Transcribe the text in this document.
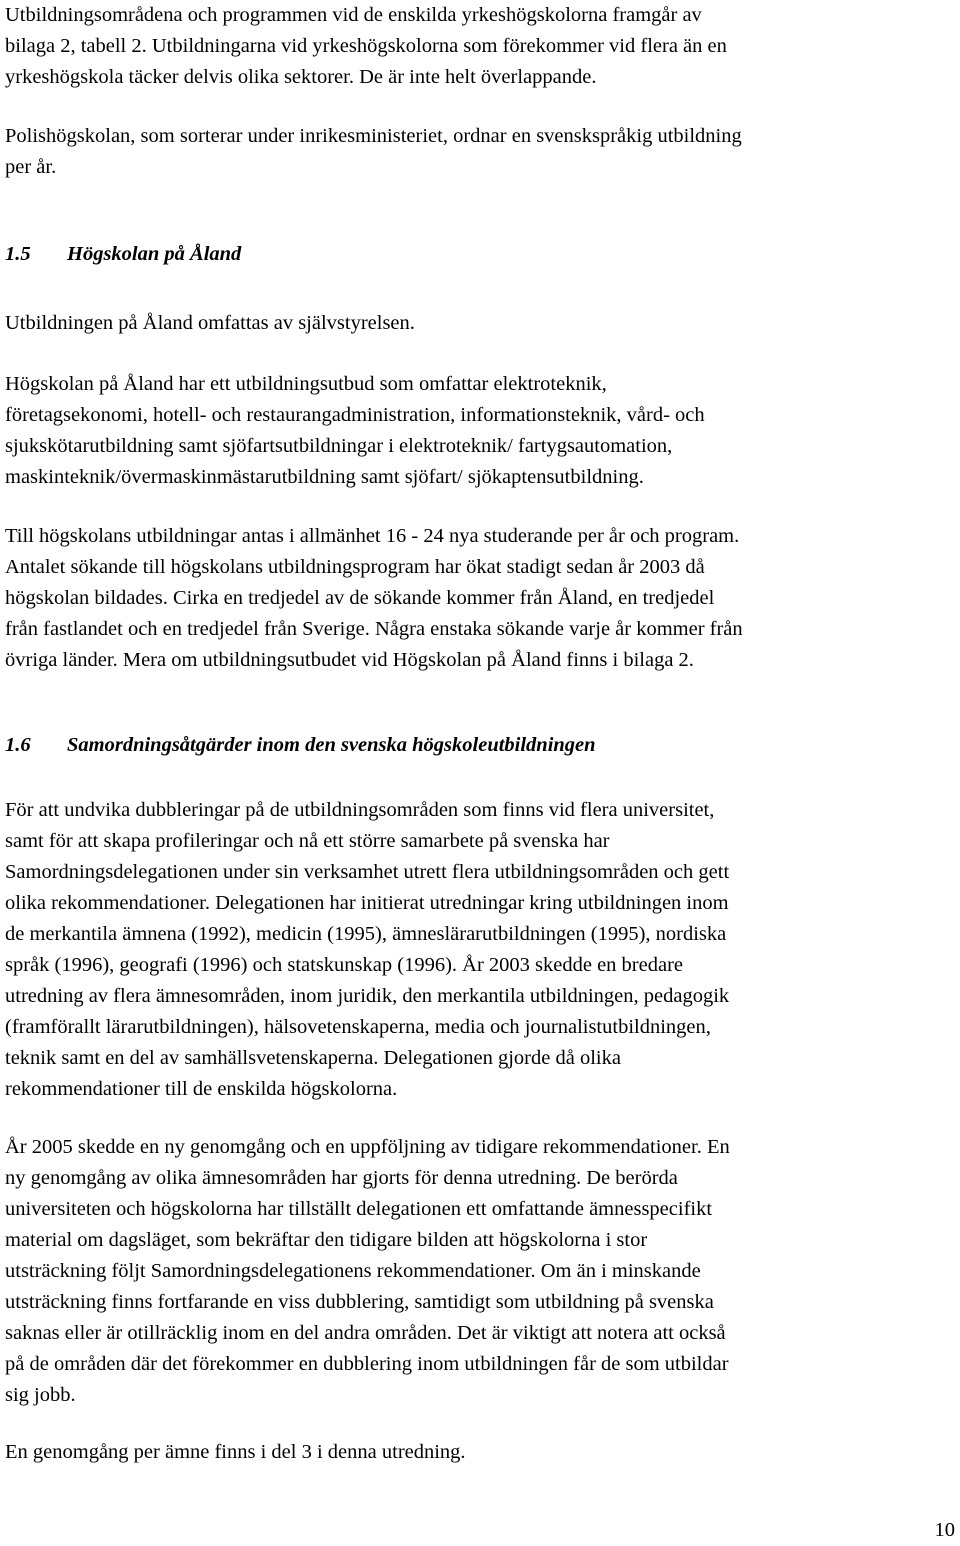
Utbildningsområdena och programmen vid de enskilda yrkeshögskolorna framgår av
bilaga 2, tabell 2. Utbildningarna vid yrkeshögskolorna som förekommer vid flera än en
yrkeshögskola täcker delvis olika sektorer. De är inte helt överlappande.
Polishögskolan, som sorterar under inrikesministeriet, ordnar en svenskspråkig utbildning
per år.
1.5 Högskolan på Åland
Utbildningen på Åland omfattas av självstyrelsen.
Högskolan på Åland har ett utbildningsutbud som omfattar elektroteknik,
företagsekonomi, hotell- och restaurangadministration, informationsteknik, vård- och
sjukskötarutbildning samt sjöfartsutbildningar i elektroteknik/ fartygsautomation,
maskinteknik/övermaskinmästarutbildning samt sjöfart/ sjökaptensutbildning.
Till högskolans utbildningar antas i allmänhet 16 - 24 nya studerande per år och program.
Antalet sökande till högskolans utbildningsprogram har ökat stadigt sedan år 2003 då
högskolan bildades. Cirka en tredjedel av de sökande kommer från Åland, en tredjedel
från fastlandet och en tredjedel från Sverige. Några enstaka sökande varje år kommer från
övriga länder. Mera om utbildningsutbudet vid Högskolan på Åland finns i bilaga 2.
1.6 Samordningsåtgärder inom den svenska högskoleutbildningen
För att undvika dubbleringar på de utbildningsområden som finns vid flera universitet,
samt för att skapa profileringar och nå ett större samarbete på svenska har
Samordningsdelegationen under sin verksamhet utrett flera utbildningsområden och gett
olika rekommendationer. Delegationen har initierat utredningar kring utbildningen inom
de merkantila ämnena (1992), medicin (1995), ämneslärarutbildningen (1995), nordiska
språk (1996), geografi (1996) och statskunskap (1996). År 2003 skedde en bredare
utredning av flera ämnesområden, inom juridik, den merkantila utbildningen, pedagogik
(framförallt lärarutbildningen), hälsovetenskaperna, media och journalistutbildningen,
teknik samt en del av samhällsvetenskaperna. Delegationen gjorde då olika
rekommendationer till de enskilda högskolorna.
År 2005 skedde en ny genomgång och en uppföljning av tidigare rekommendationer. En
ny genomgång av olika ämnesområden har gjorts för denna utredning. De berörda
universiteten och högskolorna har tillställt delegationen ett omfattande ämnesspecifikt
material om dagsläget, som bekräftar den tidigare bilden att högskolorna i stor
utsträckning följt Samordningsdelegationens rekommendationer. Om än i minskande
utsträckning finns fortfarande en viss dubblering, samtidigt som utbildning på svenska
saknas eller är otillräcklig inom en del andra områden. Det är viktigt att notera att också
på de områden där det förekommer en dubblering inom utbildningen får de som utbildar
sig jobb.
En genomgång per ämne finns i del 3 i denna utredning.
10
